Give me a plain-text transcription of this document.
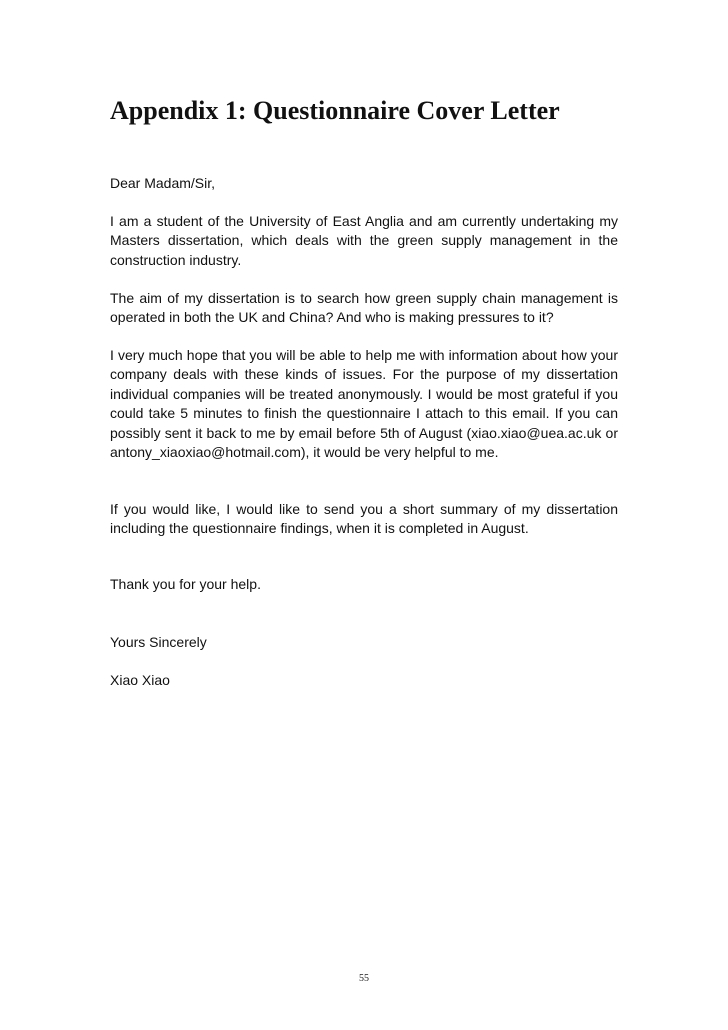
Appendix 1: Questionnaire Cover Letter

Dear Madam/Sir,

I am a student of the University of East Anglia and am currently undertaking my Masters dissertation, which deals with the green supply management in the construction industry.

The aim of my dissertation is to search how green supply chain management is operated in both the UK and China? And who is making pressures to it?

I very much hope that you will be able to help me with information about how your company deals with these kinds of issues. For the purpose of my dissertation individual companies will be treated anonymously. I would be most grateful if you could take 5 minutes to finish the questionnaire I attach to this email. If you can possibly sent it back to me by email before 5th of August (xiao.xiao@uea.ac.uk or antony_xiaoxiao@hotmail.com), it would be very helpful to me.

If you would like, I would like to send you a short summary of my dissertation including the questionnaire findings, when it is completed in August.

Thank you for your help.

Yours Sincerely

Xiao Xiao

55
